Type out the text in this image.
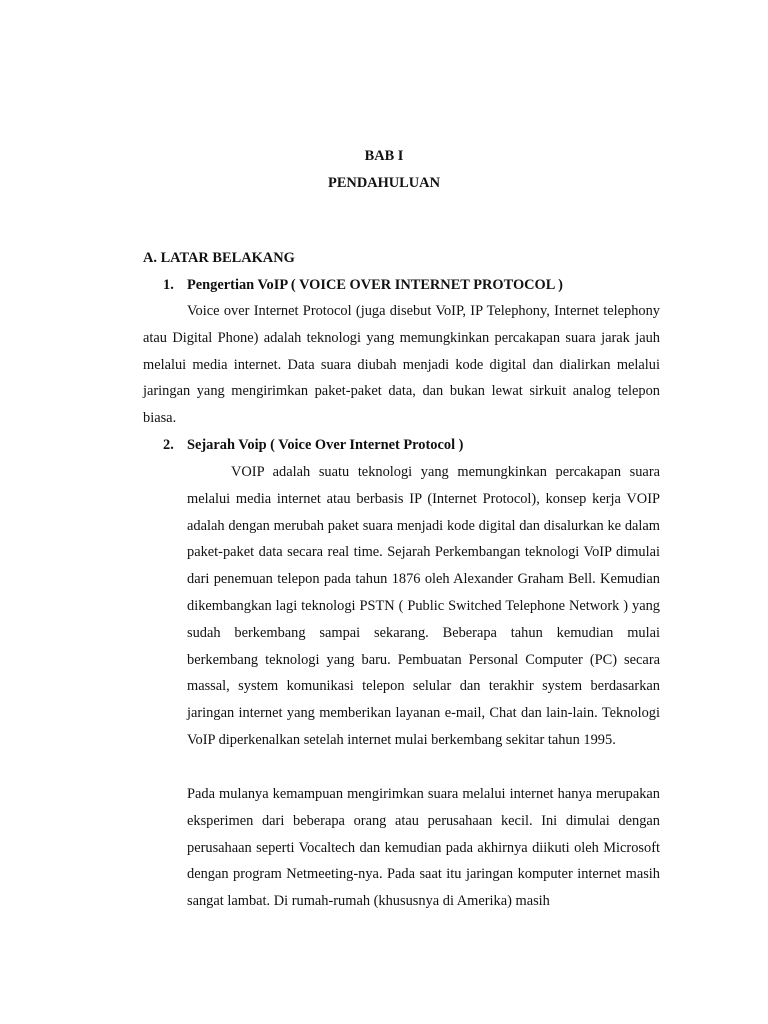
BAB I
PENDAHULUAN
A. LATAR BELAKANG
1. Pengertian VoIP ( VOICE OVER INTERNET PROTOCOL )

Voice over Internet Protocol (juga disebut VoIP, IP Telephony, Internet telephony atau Digital Phone) adalah teknologi yang memungkinkan percakapan suara jarak jauh melalui media internet. Data suara diubah menjadi kode digital dan dialirkan melalui jaringan yang mengirimkan paket-paket data, dan bukan lewat sirkuit analog telepon biasa.

2. Sejarah Voip ( Voice Over Internet Protocol )

VOIP adalah suatu teknologi yang memungkinkan percakapan suara melalui media internet atau berbasis IP (Internet Protocol), konsep kerja VOIP adalah dengan merubah paket suara menjadi kode digital dan disalurkan ke dalam paket-paket data secara real time. Sejarah Perkembangan teknologi VoIP dimulai dari penemuan telepon pada tahun 1876 oleh Alexander Graham Bell. Kemudian dikembangkan lagi teknologi PSTN ( Public Switched Telephone Network ) yang sudah berkembang sampai sekarang. Beberapa tahun kemudian mulai berkembang teknologi yang baru. Pembuatan Personal Computer (PC) secara massal, system komunikasi telepon selular dan terakhir system berdasarkan jaringan internet yang memberikan layanan e-mail, Chat dan lain-lain. Teknologi VoIP diperkenalkan setelah internet mulai berkembang sekitar tahun 1995.

Pada mulanya kemampuan mengirimkan suara melalui internet hanya merupakan eksperimen dari beberapa orang atau perusahaan kecil. Ini dimulai dengan perusahaan seperti Vocaltech dan kemudian pada akhirnya diikuti oleh Microsoft dengan program Netmeeting-nya. Pada saat itu jaringan komputer internet masih sangat lambat. Di rumah-rumah (khususnya di Amerika) masih
